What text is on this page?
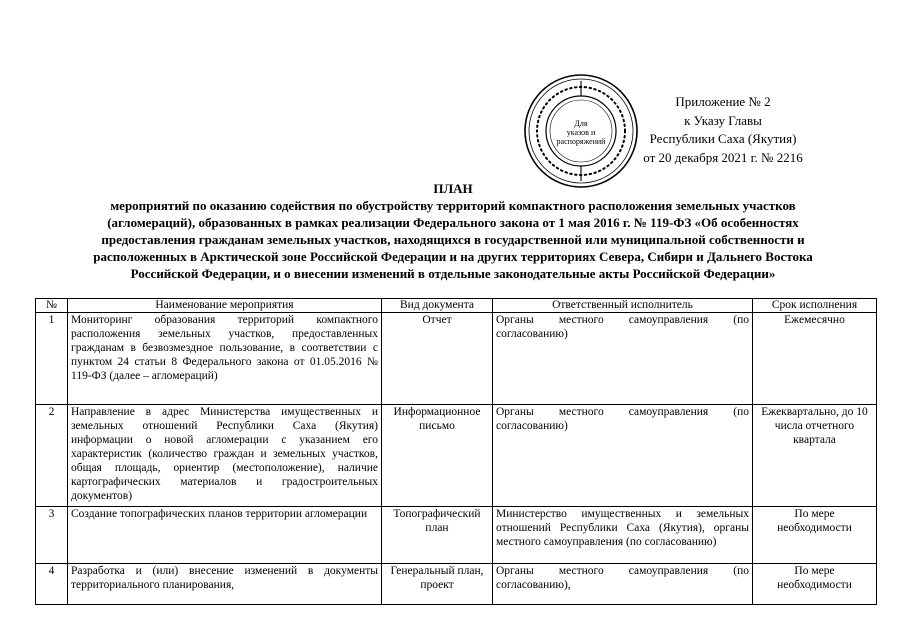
Для
указов и
распоряжений
Приложение № 2
к Указу Главы
Республики Саха (Якутия)
от 20 декабря 2021 г. № 2216
ПЛАН
мероприятий по оказанию содействия по обустройству территорий компактного расположения земельных участков
(агломераций), образованных в рамках реализации Федерального закона от 1 мая 2016 г. № 119-ФЗ «Об особенностях
предоставления гражданам земельных участков, находящихся в государственной или муниципальной собственности и
расположенных в Арктической зоне Российской Федерации и на других территориях Севера, Сибири и Дальнего Востока
Российской Федерации, и о внесении изменений в отдельные законодательные акты Российской Федерации»
№	Наименование мероприятия	Вид документа	Ответственный исполнитель	Срок исполнения
1	Мониторинг образования территорий компактного расположения земельных участков, предоставленных гражданам в безвозмездное пользование, в соответствии с пунктом 24 статьи 8 Федерального закона от 01.05.2016 № 119-ФЗ (далее – агломераций)	Отчет	Органы местного самоуправления (по согласованию)	Ежемесячно
2	Направление в адрес Министерства имущественных и земельных отношений Республики Саха (Якутия) информации о новой агломерации с указанием его характеристик (количество граждан и земельных участков, общая площадь, ориентир (местоположение), наличие картографических материалов и градостроительных документов)	Информационное письмо	Органы местного самоуправления (по согласованию)	Ежеквартально, до 10 числа отчетного квартала
3	Создание топографических планов территории агломерации	Топографический план	Министерство имущественных и земельных отношений Республики Саха (Якутия), органы местного самоуправления (по согласованию)	По мере необходимости
4	Разработка и (или) внесение изменений в документы территориального планирования,	Генеральный план, проект	Органы местного самоуправления (по согласованию),	По мере необходимости
